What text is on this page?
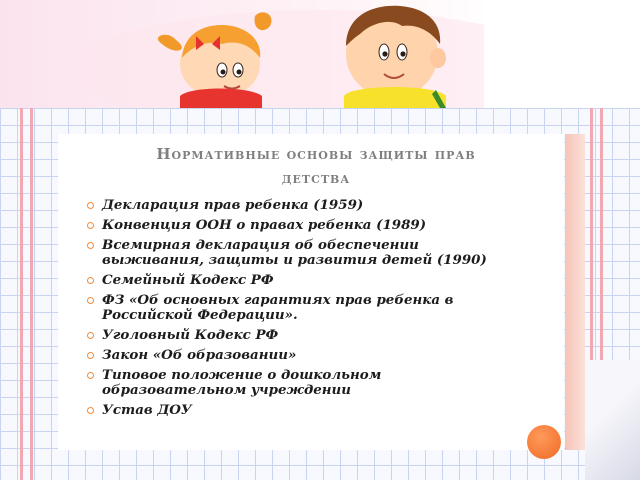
Нормативные основы защиты прав
детства
Декларация прав ребенка (1959)
Конвенция ООН о правах ребенка (1989)
Всемирная декларация об обеспечении выживания, защиты и развития детей (1990)
Семейный Кодекс РФ
ФЗ «Об основных гарантиях прав ребенка в Российской Федерации».
Уголовный Кодекс РФ
Закон «Об образовании»
Типовое положение о дошкольном образовательном учреждении
Устав ДОУ
